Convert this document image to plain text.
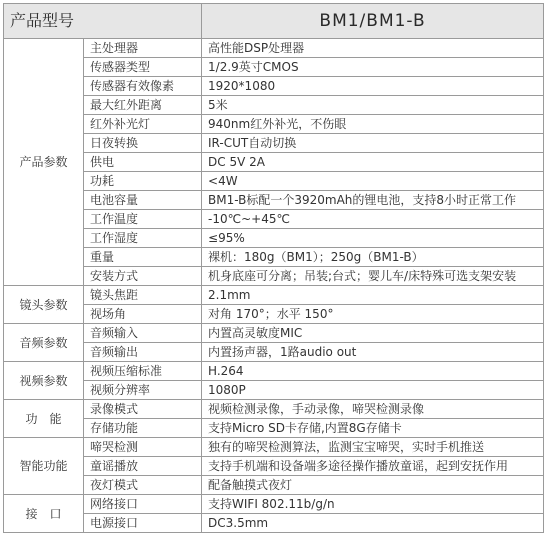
产品型号		BM1/BM1-B
产品参数	主处理器	高性能DSP处理器
	传感器类型	1/2.9英寸CMOS
	传感器有效像素	1920*1080
	最大红外距离	5米
	红外补光灯	940nm红外补光，不伤眼
	日夜转换	IR-CUT自动切换
	供电	DC 5V 2A
	功耗	<4W
	电池容量	BM1-B标配一个3920mAh的锂电池，支持8小时正常工作
	工作温度	-10℃~+45℃
	工作湿度	≤95%
	重量	裸机：180g（BM1）；250g（BM1-B）
	安装方式	机身底座可分离；吊装;台式；婴儿车/床特殊可选支架安装
镜头参数	镜头焦距	2.1mm
	视场角	对角 170°；水平 150°
音频参数	音频输入	内置高灵敏度MIC
	音频输出	内置扬声器，1路audio out
视频参数	视频压缩标准	H.264
	视频分辨率	1080P
功　能	录像模式	视频检测录像，手动录像，啼哭检测录像
	存储功能	支持Micro SD卡存储,内置8G存储卡
智能功能	啼哭检测	独有的啼哭检测算法，监测宝宝啼哭，实时手机推送
	童谣播放	支持手机端和设备端多途径操作播放童谣，起到安抚作用
	夜灯模式	配备触摸式夜灯
接　口	网络接口	支持WIFI 802.11b/g/n
	电源接口	DC3.5mm
